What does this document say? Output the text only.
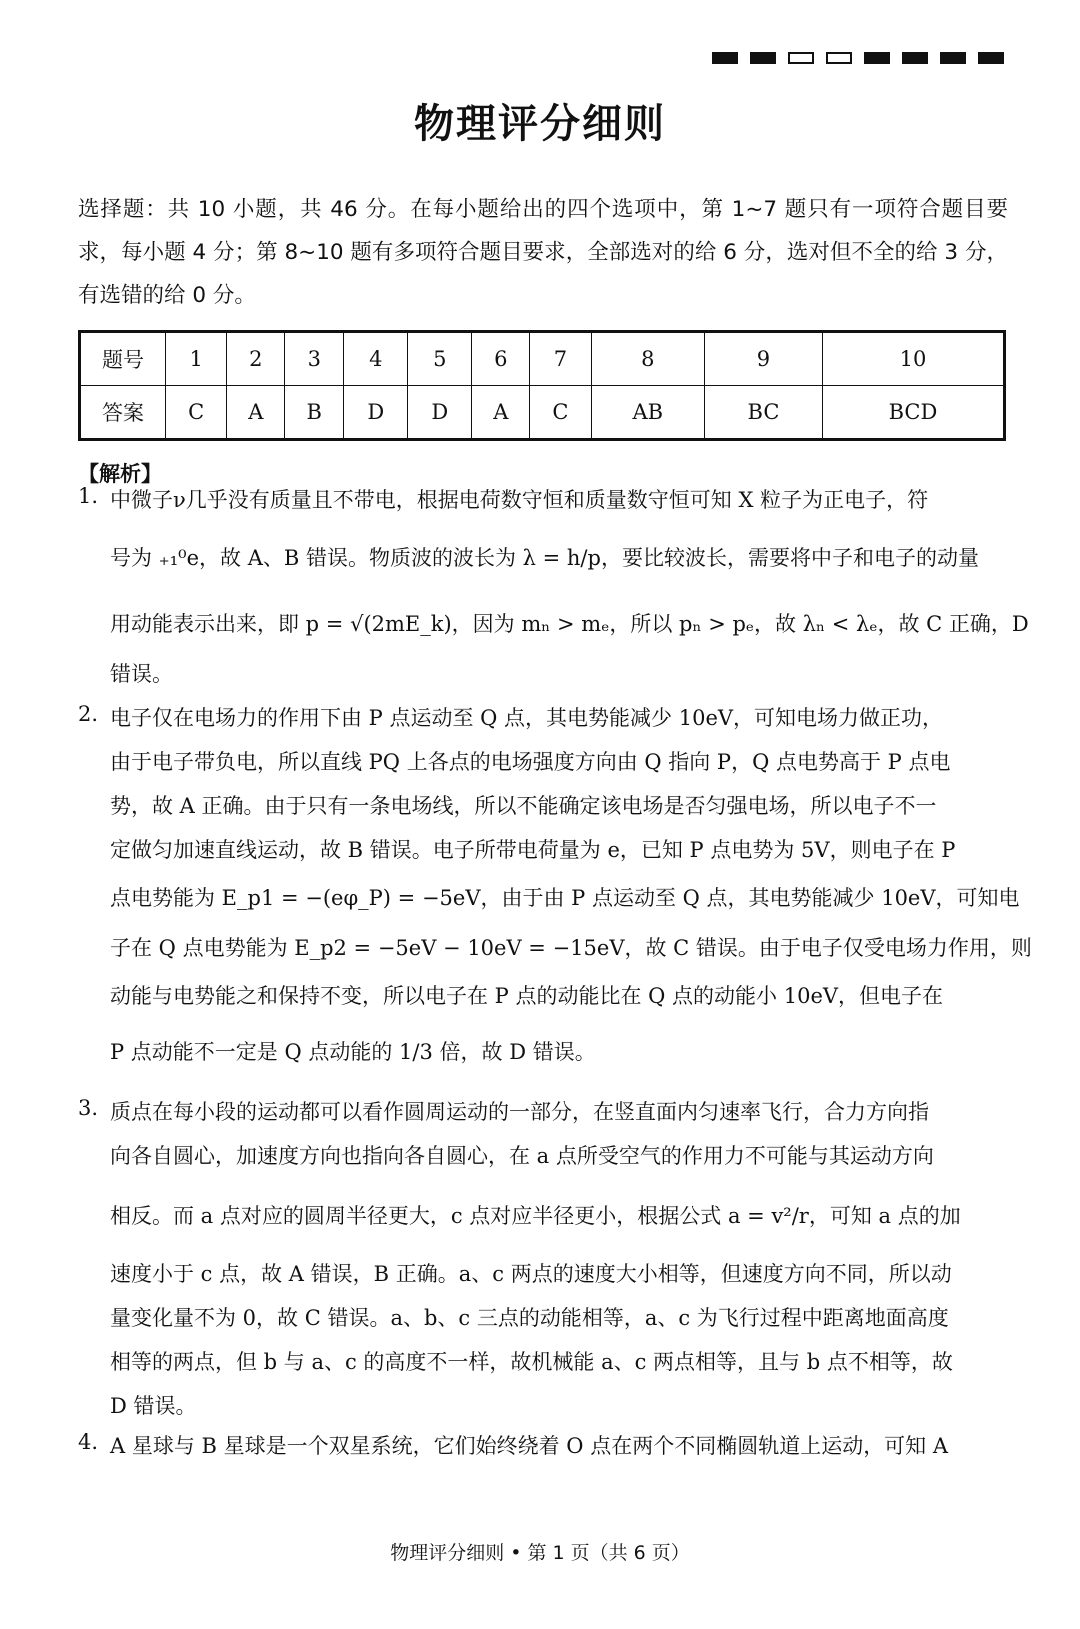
物理评分细则
选择题：共 10 小题，共 46 分。在每小题给出的四个选项中，第 1~7 题只有一项符合题目要求，每小题 4 分；第 8~10 题有多项符合题目要求，全部选对的给 6 分，选对但不全的给 3 分，有选错的给 0 分。
题号	1	2	3	4	5	6	7	8	9	10
答案	C	A	B	D	D	A	C	AB	BC	BCD
【解析】
1. 中微子ν几乎没有质量且不带电，根据电荷数守恒和质量数守恒可知 X 粒子为正电子，符
号为 ₊₁⁰e，故 A、B 错误。物质波的波长为 λ = h/p，要比较波长，需要将中子和电子的动量
用动能表示出来，即 p = √(2mE_k)，因为 mₙ > mₑ，所以 pₙ > pₑ，故 λₙ < λₑ，故 C 正确，D
错误。
2. 电子仅在电场力的作用下由 P 点运动至 Q 点，其电势能减少 10eV，可知电场力做正功，
由于电子带负电，所以直线 PQ 上各点的电场强度方向由 Q 指向 P，Q 点电势高于 P 点电
势，故 A 正确。由于只有一条电场线，所以不能确定该电场是否匀强电场，所以电子不一
定做匀加速直线运动，故 B 错误。电子所带电荷量为 e，已知 P 点电势为 5V，则电子在 P
点电势能为 E_p1 = −(eφ_P) = −5eV，由于由 P 点运动至 Q 点，其电势能减少 10eV，可知电
子在 Q 点电势能为 E_p2 = −5eV − 10eV = −15eV，故 C 错误。由于电子仅受电场力作用，则
动能与电势能之和保持不变，所以电子在 P 点的动能比在 Q 点的动能小 10eV，但电子在
P 点动能不一定是 Q 点动能的 1/3 倍，故 D 错误。
3. 质点在每小段的运动都可以看作圆周运动的一部分，在竖直面内匀速率飞行，合力方向指
向各自圆心，加速度方向也指向各自圆心，在 a 点所受空气的作用力不可能与其运动方向
相反。而 a 点对应的圆周半径更大，c 点对应半径更小，根据公式 a = v²/r，可知 a 点的加
速度小于 c 点，故 A 错误，B 正确。a、c 两点的速度大小相等，但速度方向不同，所以动
量变化量不为 0，故 C 错误。a、b、c 三点的动能相等，a、c 为飞行过程中距离地面高度
相等的两点，但 b 与 a、c 的高度不一样，故机械能 a、c 两点相等，且与 b 点不相等，故
D 错误。
4. A 星球与 B 星球是一个双星系统，它们始终绕着 O 点在两个不同椭圆轨道上运动，可知 A
物理评分细则 • 第 1 页（共 6 页）
